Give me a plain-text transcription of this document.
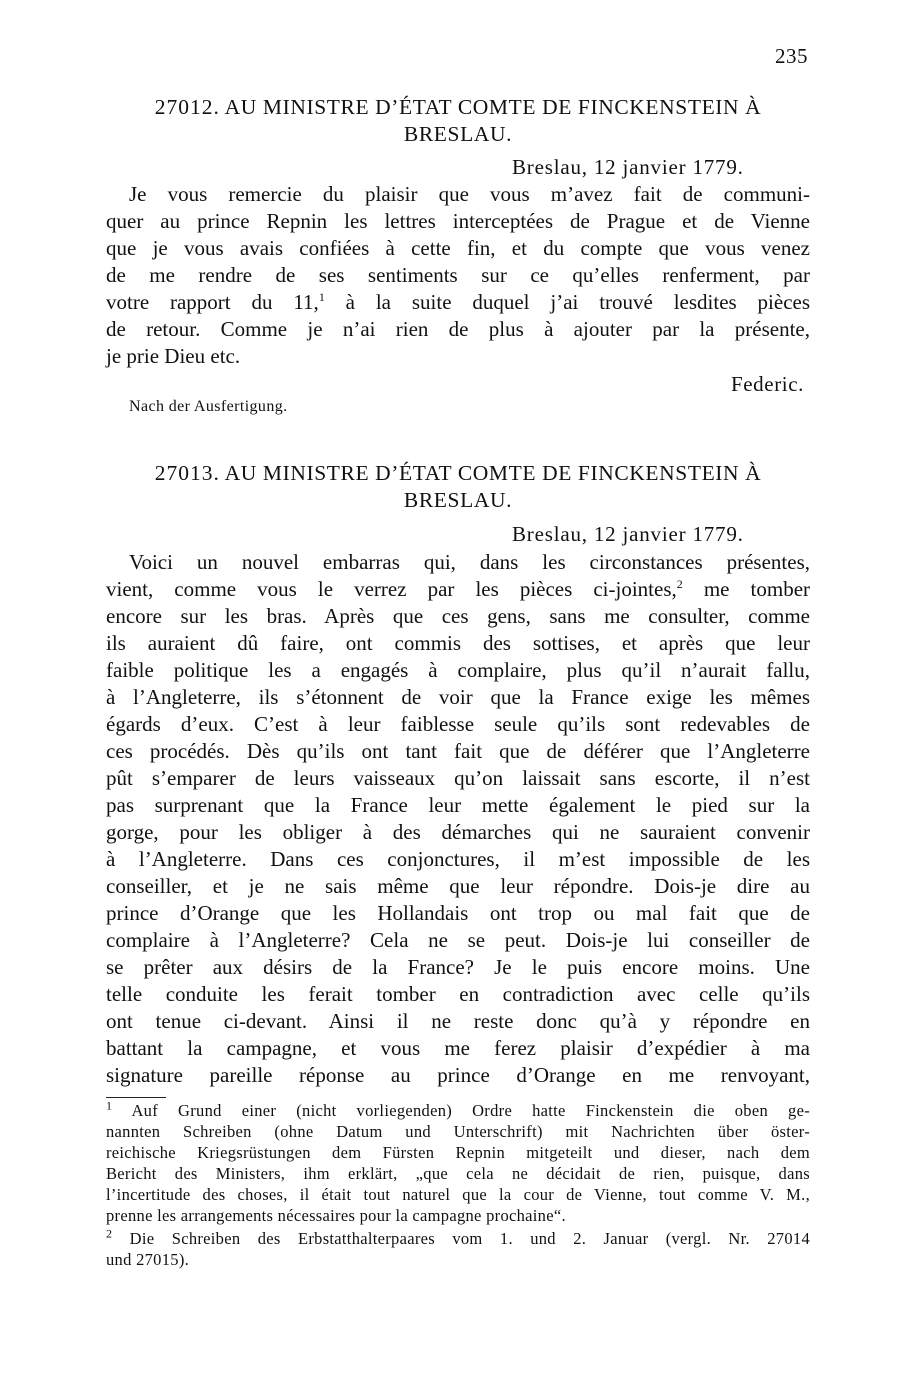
235
27012. AU MINISTRE D’ÉTAT COMTE DE FINCKENSTEIN À
BRESLAU.
Breslau, 12 janvier 1779.
Je vous remercie du plaisir que vous m’avez fait de communi-
quer au prince Repnin les lettres interceptées de Prague et de Vienne
que je vous avais confiées à cette fin, et du compte que vous venez
de me rendre de ses sentiments sur ce qu’elles renferment, par
votre rapport du 11,$^1$ à la suite duquel j’ai trouvé lesdites pièces
de retour. Comme je n’ai rien de plus à ajouter par la présente,
je prie Dieu etc.
Federic.
Nach der Ausfertigung.
27013. AU MINISTRE D’ÉTAT COMTE DE FINCKENSTEIN À
BRESLAU.
Breslau, 12 janvier 1779.
Voici un nouvel embarras qui, dans les circonstances présentes,
vient, comme vous le verrez par les pièces ci-jointes,$^2$ me tomber
encore sur les bras. Après que ces gens, sans me consulter, comme
ils auraient dû faire, ont commis des sottises, et après que leur
faible politique les a engagés à complaire, plus qu’il n’aurait fallu,
à l’Angleterre, ils s’étonnent de voir que la France exige les mêmes
égards d’eux. C’est à leur faiblesse seule qu’ils sont redevables de
ces procédés. Dès qu’ils ont tant fait que de déférer que l’Angleterre
pût s’emparer de leurs vaisseaux qu’on laissait sans escorte, il n’est
pas surprenant que la France leur mette également le pied sur la
gorge, pour les obliger à des démarches qui ne sauraient convenir
à l’Angleterre. Dans ces conjonctures, il m’est impossible de les
conseiller, et je ne sais même que leur répondre. Dois-je dire au
prince d’Orange que les Hollandais ont trop ou mal fait que de
complaire à l’Angleterre? Cela ne se peut. Dois-je lui conseiller de
se prêter aux désirs de la France? Je le puis encore moins. Une
telle conduite les ferait tomber en contradiction avec celle qu’ils
ont tenue ci-devant. Ainsi il ne reste donc qu’à y répondre en
battant la campagne, et vous me ferez plaisir d’expédier à ma
signature pareille réponse au prince d’Orange en me renvoyant,
$^1$ Auf Grund einer (nicht vorliegenden) Ordre hatte Finckenstein die oben ge-
nannten Schreiben (ohne Datum und Unterschrift) mit Nachrichten über öster-
reichische Kriegsrüstungen dem Fürsten Repnin mitgeteilt und dieser, nach dem
Bericht des Ministers, ihm erklärt, „que cela ne décidait de rien, puisque, dans
l’incertitude des choses, il était tout naturel que la cour de Vienne, tout comme V. M.,
prenne les arrangements nécessaires pour la campagne prochaine“.
$^2$ Die Schreiben des Erbstatthalterpaares vom 1. und 2. Januar (vergl. Nr. 27014
und 27015).
